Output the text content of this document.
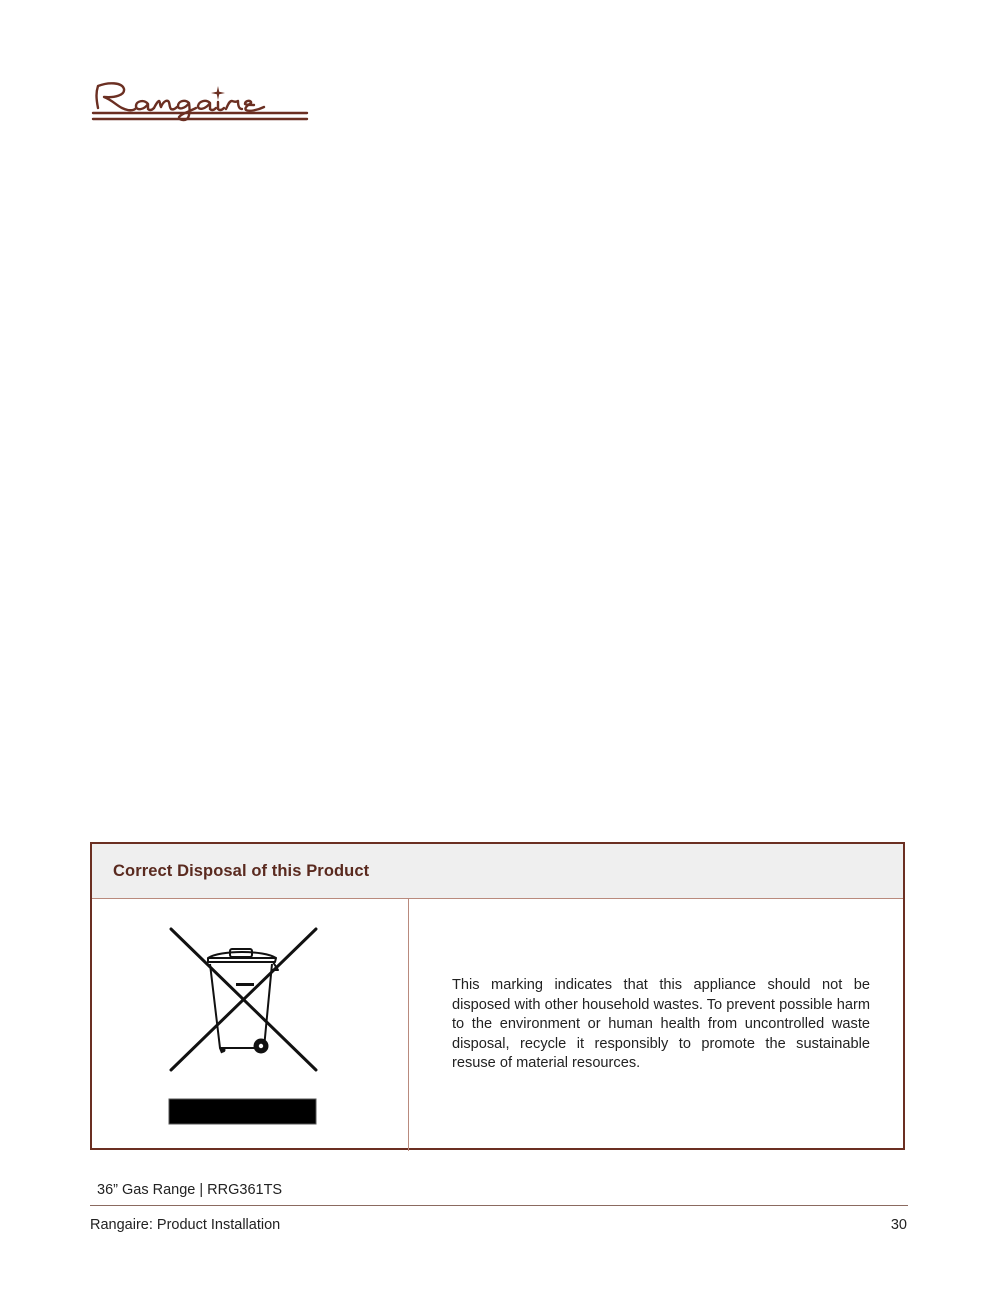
Correct Disposal of this Product

This marking indicates that this appliance should not be disposed with other household wastes. To prevent possible harm to the environment or human health from uncontrolled waste disposal, recycle it responsibly to promote the sustainable resuse of material resources.

36” Gas Range | RRG361TS
Rangaire: Product Installation	30
